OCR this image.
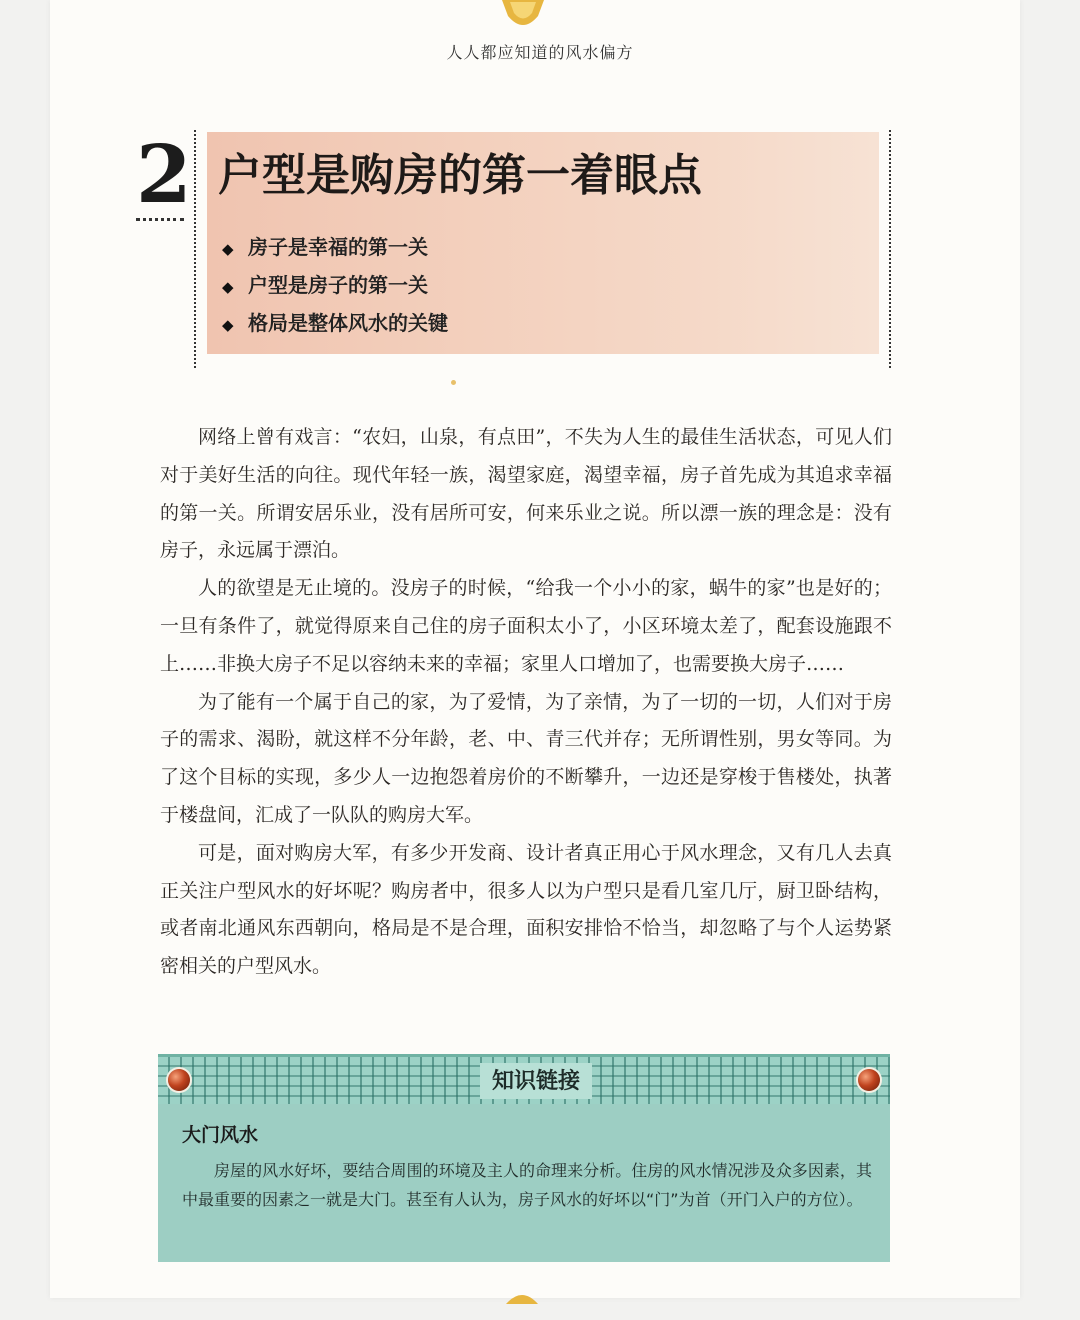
人人都应知道的风水偏方
2 户型是购房的第一着眼点
◆ 房子是幸福的第一关
◆ 户型是房子的第一关
◆ 格局是整体风水的关键

网络上曾有戏言：“农妇，山泉，有点田”，不失为人生的最佳生活状态，可见人们对于美好生活的向往。现代年轻一族，渴望家庭，渴望幸福，房子首先成为其追求幸福的第一关。所谓安居乐业，没有居所可安，何来乐业之说。所以漂一族的理念是：没有房子，永远属于漂泊。

人的欲望是无止境的。没房子的时候，“给我一个小小的家，蜗牛的家”也是好的；一旦有条件了，就觉得原来自己住的房子面积太小了，小区环境太差了，配套设施跟不上……非换大房子不足以容纳未来的幸福；家里人口增加了，也需要换大房子……

为了能有一个属于自己的家，为了爱情，为了亲情，为了一切的一切，人们对于房子的需求、渴盼，就这样不分年龄，老、中、青三代并存；无所谓性别，男女等同。为了这个目标的实现，多少人一边抱怨着房价的不断攀升，一边还是穿梭于售楼处，执著于楼盘间，汇成了一队队的购房大军。

可是，面对购房大军，有多少开发商、设计者真正用心于风水理念，又有几人去真正关注户型风水的好坏呢？购房者中，很多人以为户型只是看几室几厅，厨卫卧结构，或者南北通风东西朝向，格局是不是合理，面积安排恰不恰当，却忽略了与个人运势紧密相关的户型风水。

知识链接
大门风水

房屋的风水好坏，要结合周围的环境及主人的命理来分析。住房的风水情况涉及众多因素，其中最重要的因素之一就是大门。甚至有人认为，房子风水的好坏以“门”为首（开门入户的方位）。
